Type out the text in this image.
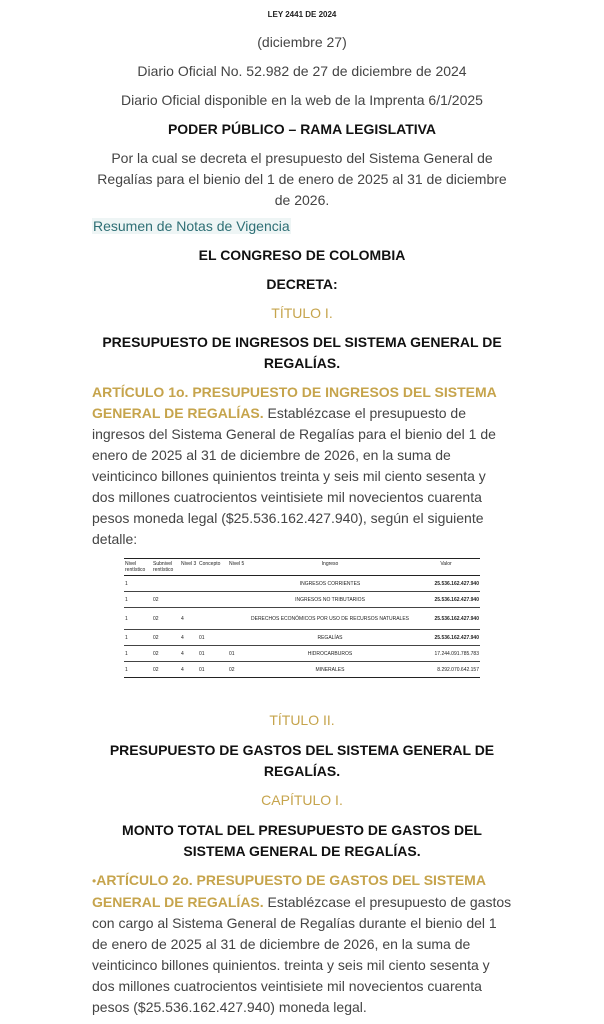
LEY 2441 DE 2024
(diciembre 27)
Diario Oficial No. 52.982 de 27 de diciembre de 2024
Diario Oficial disponible en la web de la Imprenta 6/1/2025
PODER PÚBLICO – RAMA LEGISLATIVA
Por la cual se decreta el presupuesto del Sistema General de
Regalías para el bienio del 1 de enero de 2025 al 31 de diciembre
de 2026.
Resumen de Notas de Vigencia
EL CONGRESO DE COLOMBIA
DECRETA:
TÍTULO I.
PRESUPUESTO DE INGRESOS DEL SISTEMA GENERAL DE
REGALÍAS.
ARTÍCULO 1o. PRESUPUESTO DE INGRESOS DEL SISTEMA
GENERAL DE REGALÍAS. Establézcase el presupuesto de
ingresos del Sistema General de Regalías para el bienio del 1 de
enero de 2025 al 31 de diciembre de 2026, en la suma de
veinticinco billones quinientos treinta y seis mil ciento sesenta y
dos millones cuatrocientos veintisiete mil novecientos cuarenta
pesos moneda legal ($25.536.162.427.940), según el siguiente
detalle:
Nivel rentístico	Subnivel rentístico	Nivel 3	Concepto	Nivel 5	Ingreso	Valor
1					INGRESOS CORRIENTES	25.536.162.427.940
1	02				INGRESOS NO TRIBUTARIOS	25.536.162.427.940
1	02	4			DERECHOS ECONÓMICOS POR USO DE RECURSOS NATURALES	25.536.162.427.940
1	02	4	01		REGALÍAS	25.536.162.427.940
1	02	4	01	01	HIDROCARBUROS	17.244.091.785.783
1	02	4	01	02	MINERALES	8.292.070.642.157
TÍTULO II.
PRESUPUESTO DE GASTOS DEL SISTEMA GENERAL DE
REGALÍAS.
CAPÍTULO I.
MONTO TOTAL DEL PRESUPUESTO DE GASTOS DEL
SISTEMA GENERAL DE REGALÍAS.
•ARTÍCULO 2o. PRESUPUESTO DE GASTOS DEL SISTEMA
GENERAL DE REGALÍAS. Establézcase el presupuesto de gastos
con cargo al Sistema General de Regalías durante el bienio del 1
de enero de 2025 al 31 de diciembre de 2026, en la suma de
veinticinco billones quinientos. treinta y seis mil ciento sesenta y
dos millones cuatrocientos veintisiete mil novecientos cuarenta
pesos ($25.536.162.427.940) moneda legal.
